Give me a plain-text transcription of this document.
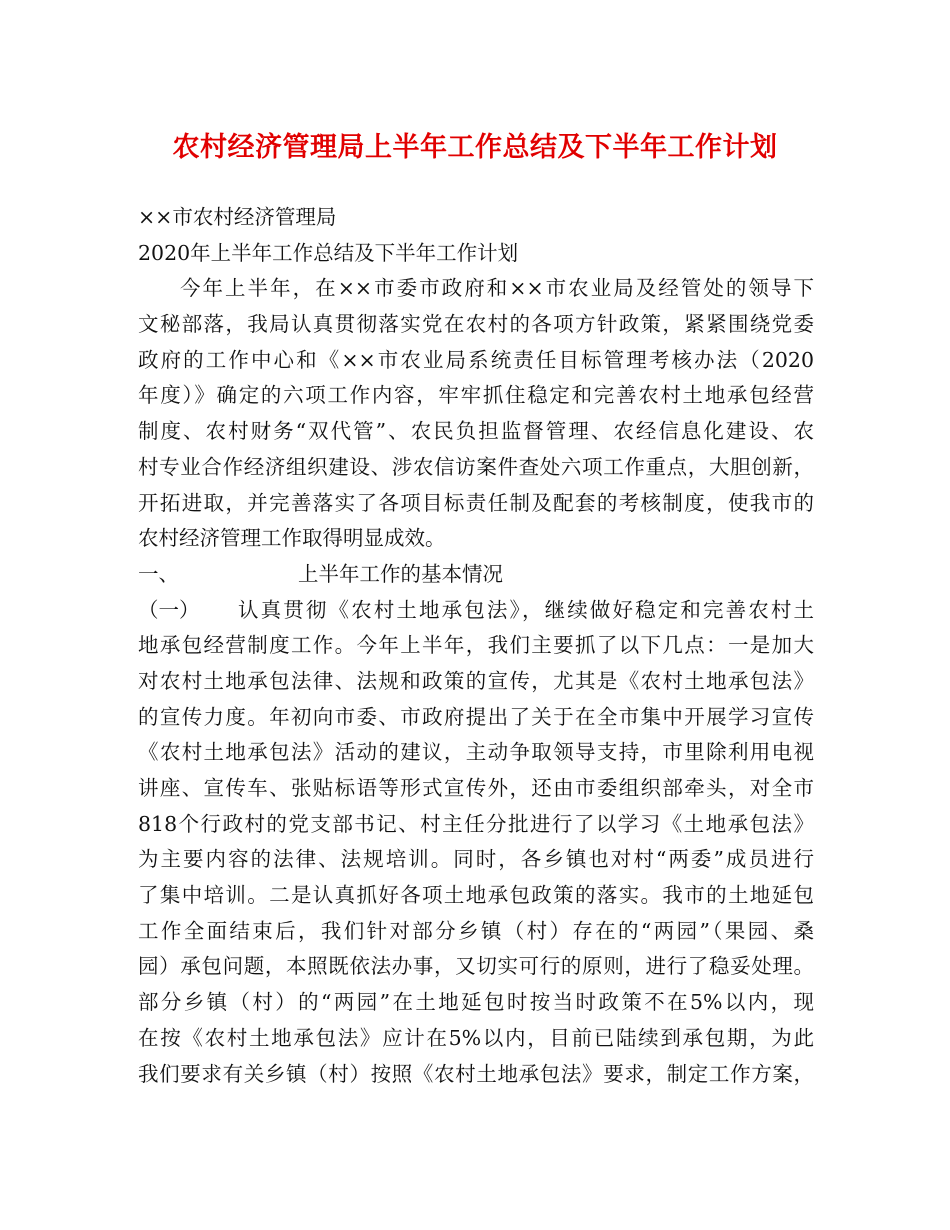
农村经济管理局上半年工作总结及下半年工作计划
××市农村经济管理局
2020年上半年工作总结及下半年工作计划
今年上半年，在××市委市政府和××市农业局及经管处的领导下
文秘部落，我局认真贯彻落实党在农村的各项方针政策，紧紧围绕党委
政府的工作中心和《××市农业局系统责任目标管理考核办法（2020
年度）》确定的六项工作内容，牢牢抓住稳定和完善农村土地承包经营
制度、农村财务“双代管”、农民负担监督管理、农经信息化建设、农
村专业合作经济组织建设、涉农信访案件查处六项工作重点，大胆创新，
开拓进取，并完善落实了各项目标责任制及配套的考核制度，使我市的
农村经济管理工作取得明显成效。
一、	上半年工作的基本情况
（一）	认真贯彻《农村土地承包法》，继续做好稳定和完善农村土
地承包经营制度工作。今年上半年，我们主要抓了以下几点：一是加大
对农村土地承包法律、法规和政策的宣传，尤其是《农村土地承包法》
的宣传力度。年初向市委、市政府提出了关于在全市集中开展学习宣传
《农村土地承包法》活动的建议，主动争取领导支持，市里除利用电视
讲座、宣传车、张贴标语等形式宣传外，还由市委组织部牵头，对全市
818个行政村的党支部书记、村主任分批进行了以学习《土地承包法》
为主要内容的法律、法规培训。同时，各乡镇也对村“两委”成员进行
了集中培训。二是认真抓好各项土地承包政策的落实。我市的土地延包
工作全面结束后，我们针对部分乡镇（村）存在的“两园”（果园、桑
园）承包问题，本照既依法办事，又切实可行的原则，进行了稳妥处理。
部分乡镇（村）的“两园”在土地延包时按当时政策不在5%以内，现
在按《农村土地承包法》应计在5%以内，目前已陆续到承包期，为此
我们要求有关乡镇（村）按照《农村土地承包法》要求，制定工作方案，
